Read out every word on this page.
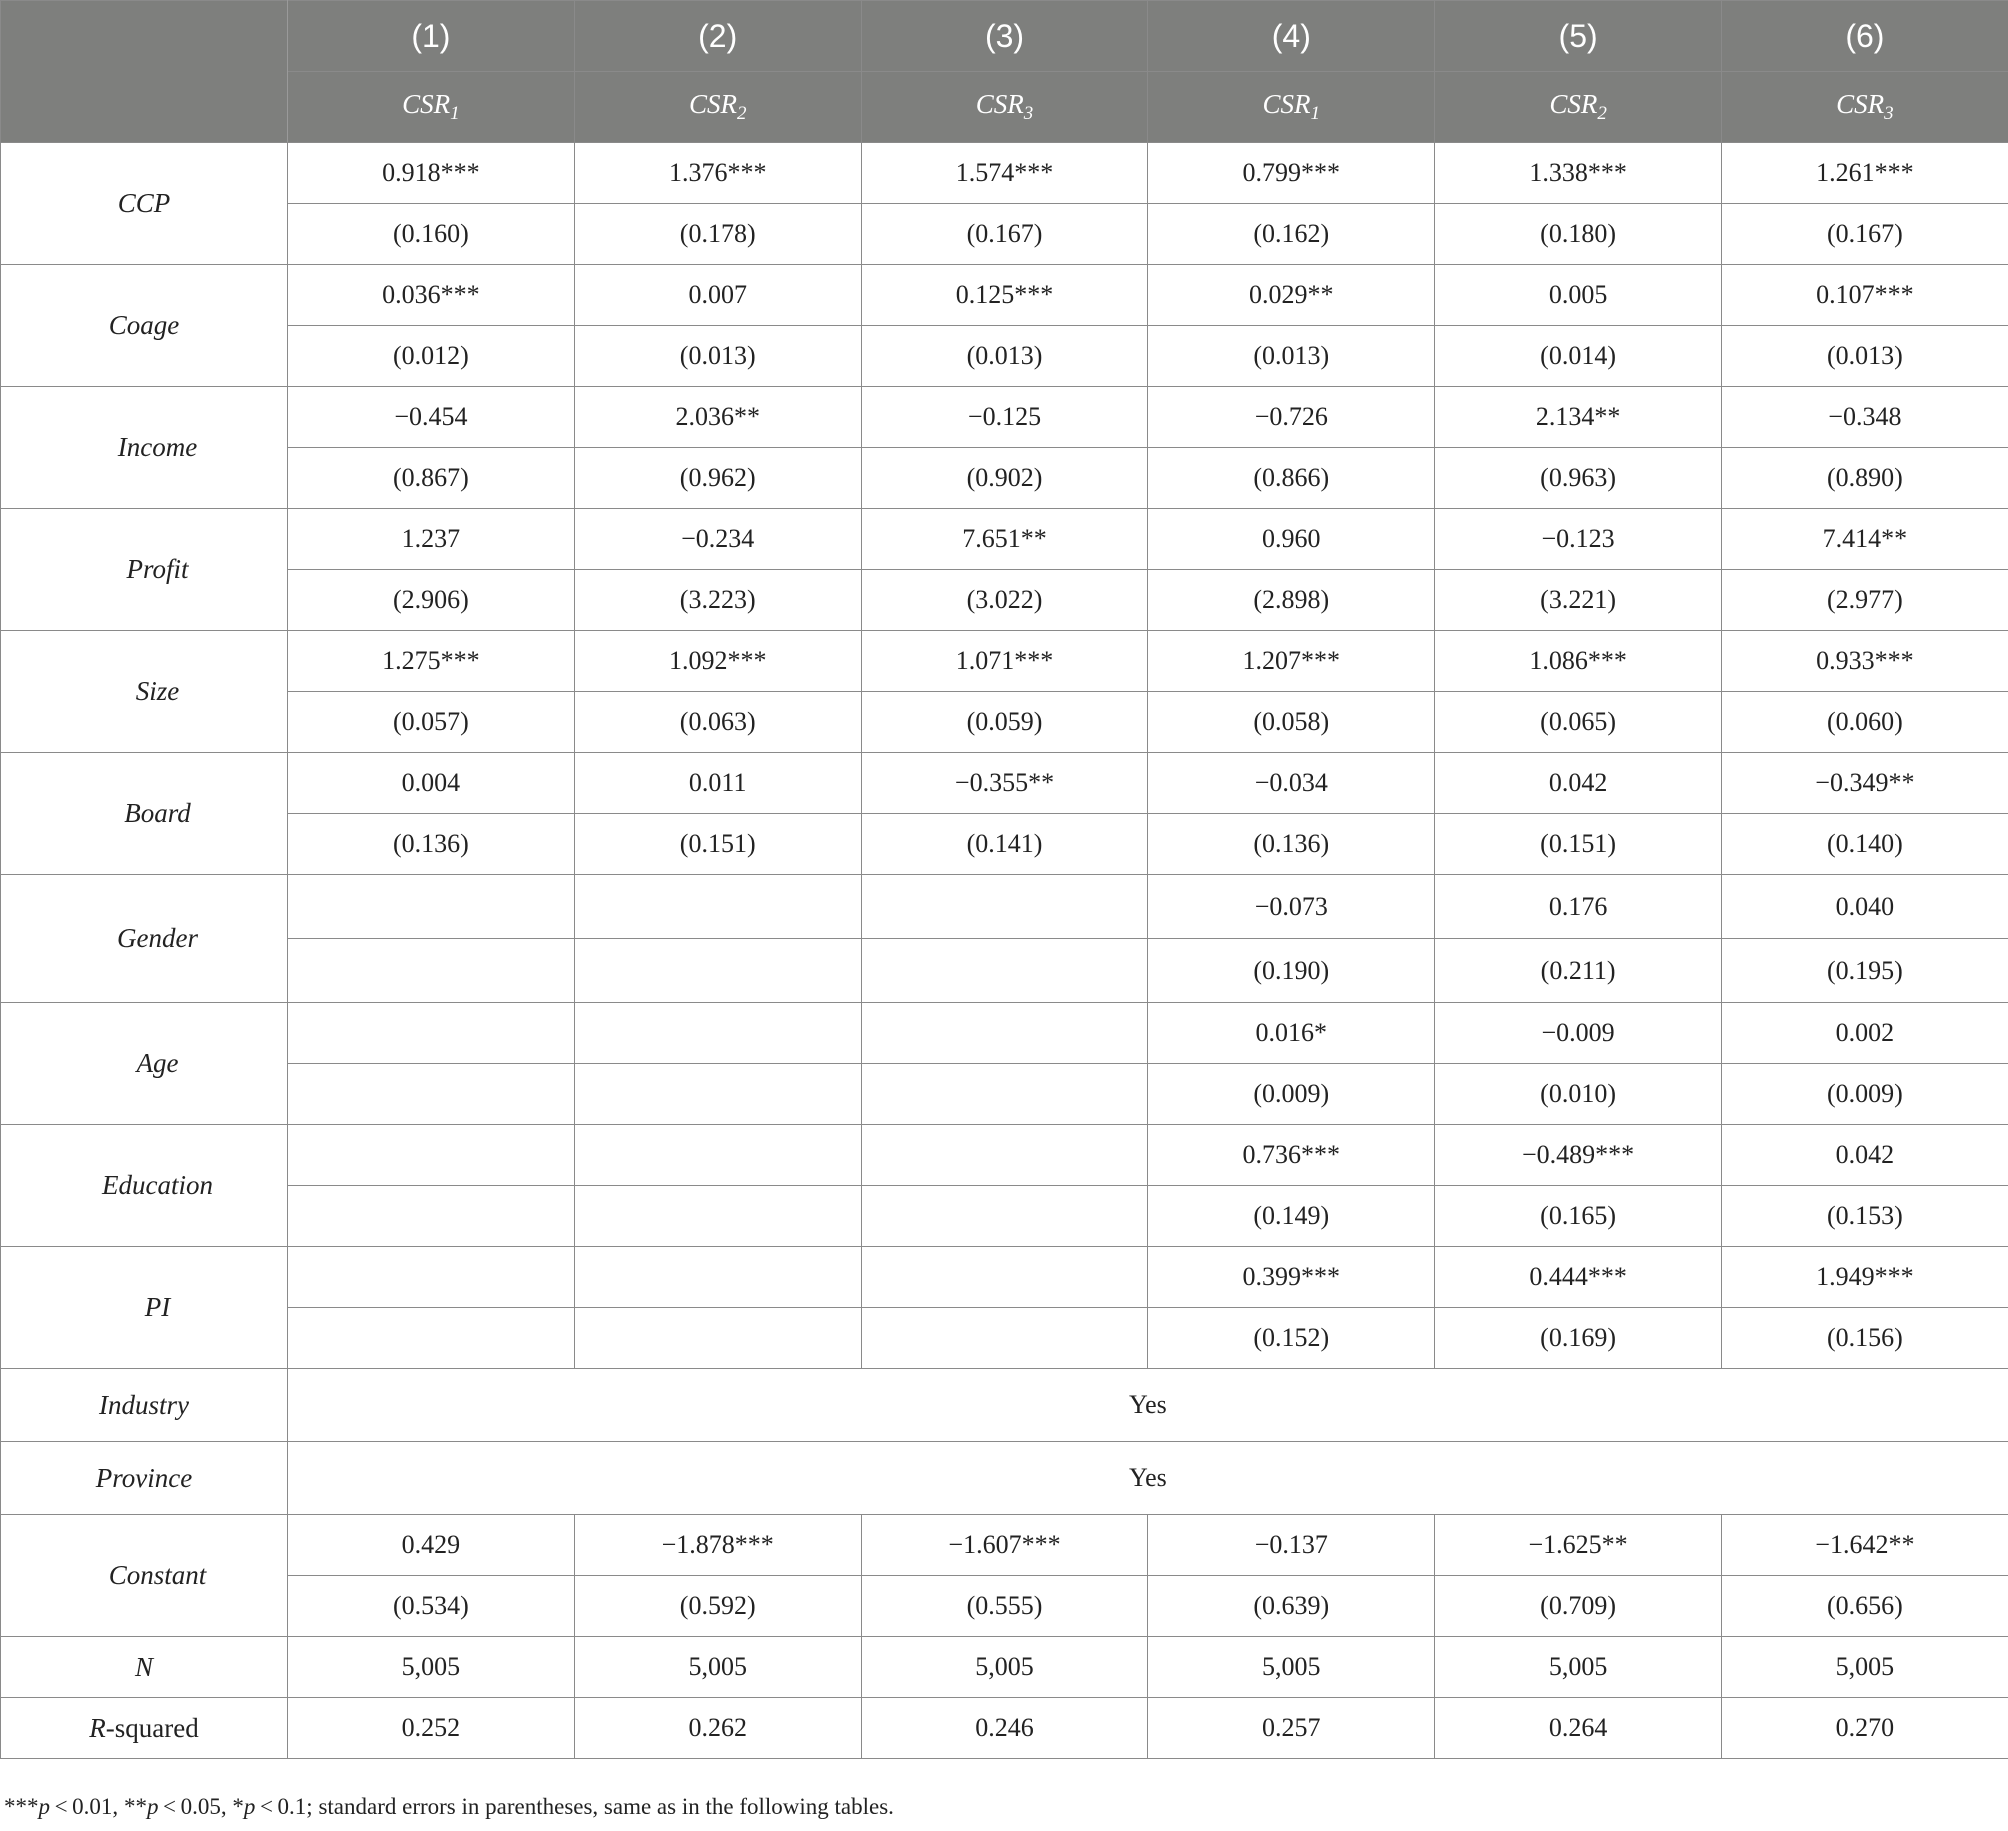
	(1)	(2)	(3)	(4)	(5)	(6)
	$CSR_1$	$CSR_2$	$CSR_3$	$CSR_1$	$CSR_2$	$CSR_3$
CCP	0.918***	1.376***	1.574***	0.799***	1.338***	1.261***
	(0.160)	(0.178)	(0.167)	(0.162)	(0.180)	(0.167)
Coage	0.036***	0.007	0.125***	0.029**	0.005	0.107***
	(0.012)	(0.013)	(0.013)	(0.013)	(0.014)	(0.013)
Income	−0.454	2.036**	−0.125	−0.726	2.134**	−0.348
	(0.867)	(0.962)	(0.902)	(0.866)	(0.963)	(0.890)
Profit	1.237	−0.234	7.651**	0.960	−0.123	7.414**
	(2.906)	(3.223)	(3.022)	(2.898)	(3.221)	(2.977)
Size	1.275***	1.092***	1.071***	1.207***	1.086***	0.933***
	(0.057)	(0.063)	(0.059)	(0.058)	(0.065)	(0.060)
Board	0.004	0.011	−0.355**	−0.034	0.042	−0.349**
	(0.136)	(0.151)	(0.141)	(0.136)	(0.151)	(0.140)
Gender				−0.073	0.176	0.040
				(0.190)	(0.211)	(0.195)
Age				0.016*	−0.009	0.002
				(0.009)	(0.010)	(0.009)
Education				0.736***	−0.489***	0.042
				(0.149)	(0.165)	(0.153)
PI				0.399***	0.444***	1.949***
				(0.152)	(0.169)	(0.156)
Industry	Yes					
Province	Yes					
Constant	0.429	−1.878***	−1.607***	−0.137	−1.625**	−1.642**
	(0.534)	(0.592)	(0.555)	(0.639)	(0.709)	(0.656)
N	5,005	5,005	5,005	5,005	5,005	5,005
R-squared	0.252	0.262	0.246	0.257	0.264	0.270
***p < 0.01, **p < 0.05, *p < 0.1; standard errors in parentheses, same as in the following tables.
